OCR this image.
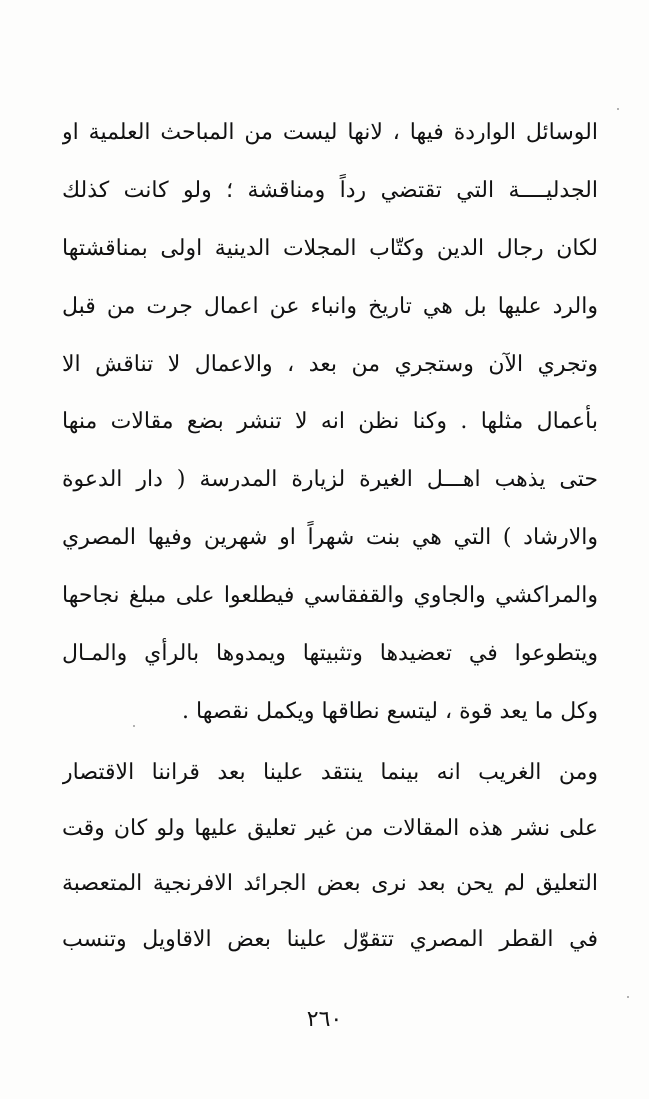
الوسائل الواردة فيها ، لانها ليست من المباحث العلمية او
الجدليــــة التي تقتضي رداً ومناقشة ؛ ولو كانت كذلك
لكان رجال الدين وكتّاب المجلات الدينية اولى بمناقشتها
والرد عليها بل هي تاريخ وانباء عن اعمال جرت من قبل
وتجري الآن وستجري من بعد ، والاعمال لا تناقش الا
بأعمال مثلها . وكنا نظن انه لا تنشر بضع مقالات منها
حتى يذهب اهـــل الغيرة لزيارة المدرسة ( دار الدعوة
والارشاد ) التي هي بنت شهراً او شهرين وفيها المصري
والمراكشي والجاوي والقفقاسي فيطلعوا على مبلغ نجاحها
ويتطوعوا في تعضيدها وتثبيتها ويمدوها بالرأي والمـال
وكل ما يعد قوة ، ليتسع نطاقها ويكمل نقصها .
ومن الغريب انه بينما ينتقد علينا بعد قراننا الاقتصار
على نشر هذه المقالات من غير تعليق عليها ولو كان وقت
التعليق لم يحن بعد نرى بعض الجرائد الافرنجية المتعصبة
في القطر المصري تتقوّل علينا بعض الاقاويل وتنسب
٢٦٠
